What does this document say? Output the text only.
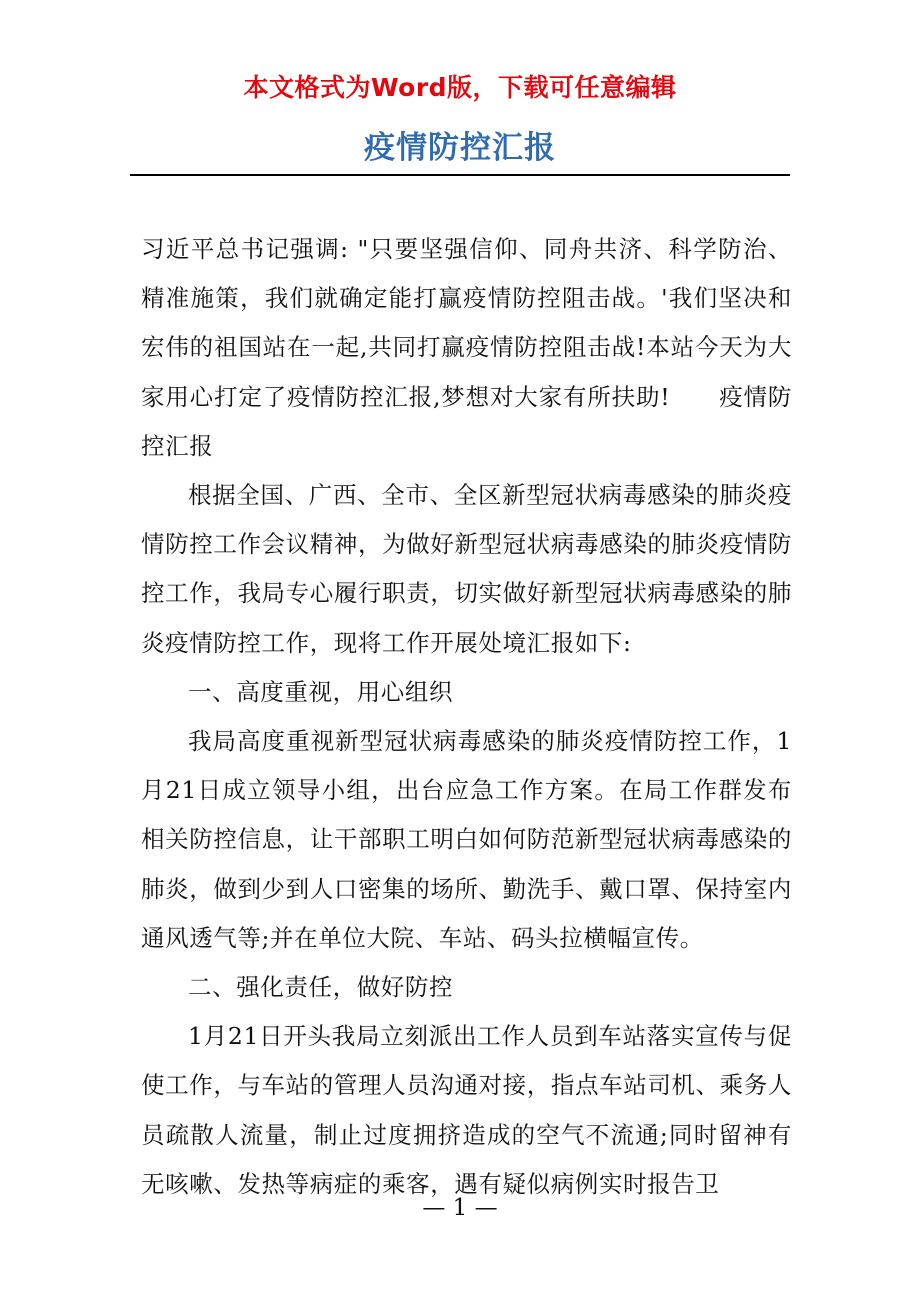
本文格式为Word版，下载可任意编辑
疫情防控汇报

习近平总书记强调: "只要坚强信仰、同舟共济、科学防治、精准施策，我们就确定能打赢疫情防控阻击战。'我们坚决和宏伟的祖国站在一起,共同打赢疫情防控阻击战!本站今天为大家用心打定了疫情防控汇报,梦想对大家有所扶助!　　疫情防控汇报

根据全国、广西、全市、全区新型冠状病毒感染的肺炎疫情防控工作会议精神，为做好新型冠状病毒感染的肺炎疫情防控工作，我局专心履行职责，切实做好新型冠状病毒感染的肺炎疫情防控工作，现将工作开展处境汇报如下:

一、高度重视，用心组织

我局高度重视新型冠状病毒感染的肺炎疫情防控工作，1月21日成立领导小组，出台应急工作方案。在局工作群发布相关防控信息，让干部职工明白如何防范新型冠状病毒感染的肺炎，做到少到人口密集的场所、勤洗手、戴口罩、保持室内通风透气等;并在单位大院、车站、码头拉横幅宣传。

二、强化责任，做好防控

1月21日开头我局立刻派出工作人员到车站落实宣传与促使工作，与车站的管理人员沟通对接，指点车站司机、乘务人员疏散人流量，制止过度拥挤造成的空气不流通;同时留神有无咳嗽、发热等病症的乘客，遇有疑似病例实时报告卫

— 1 —
